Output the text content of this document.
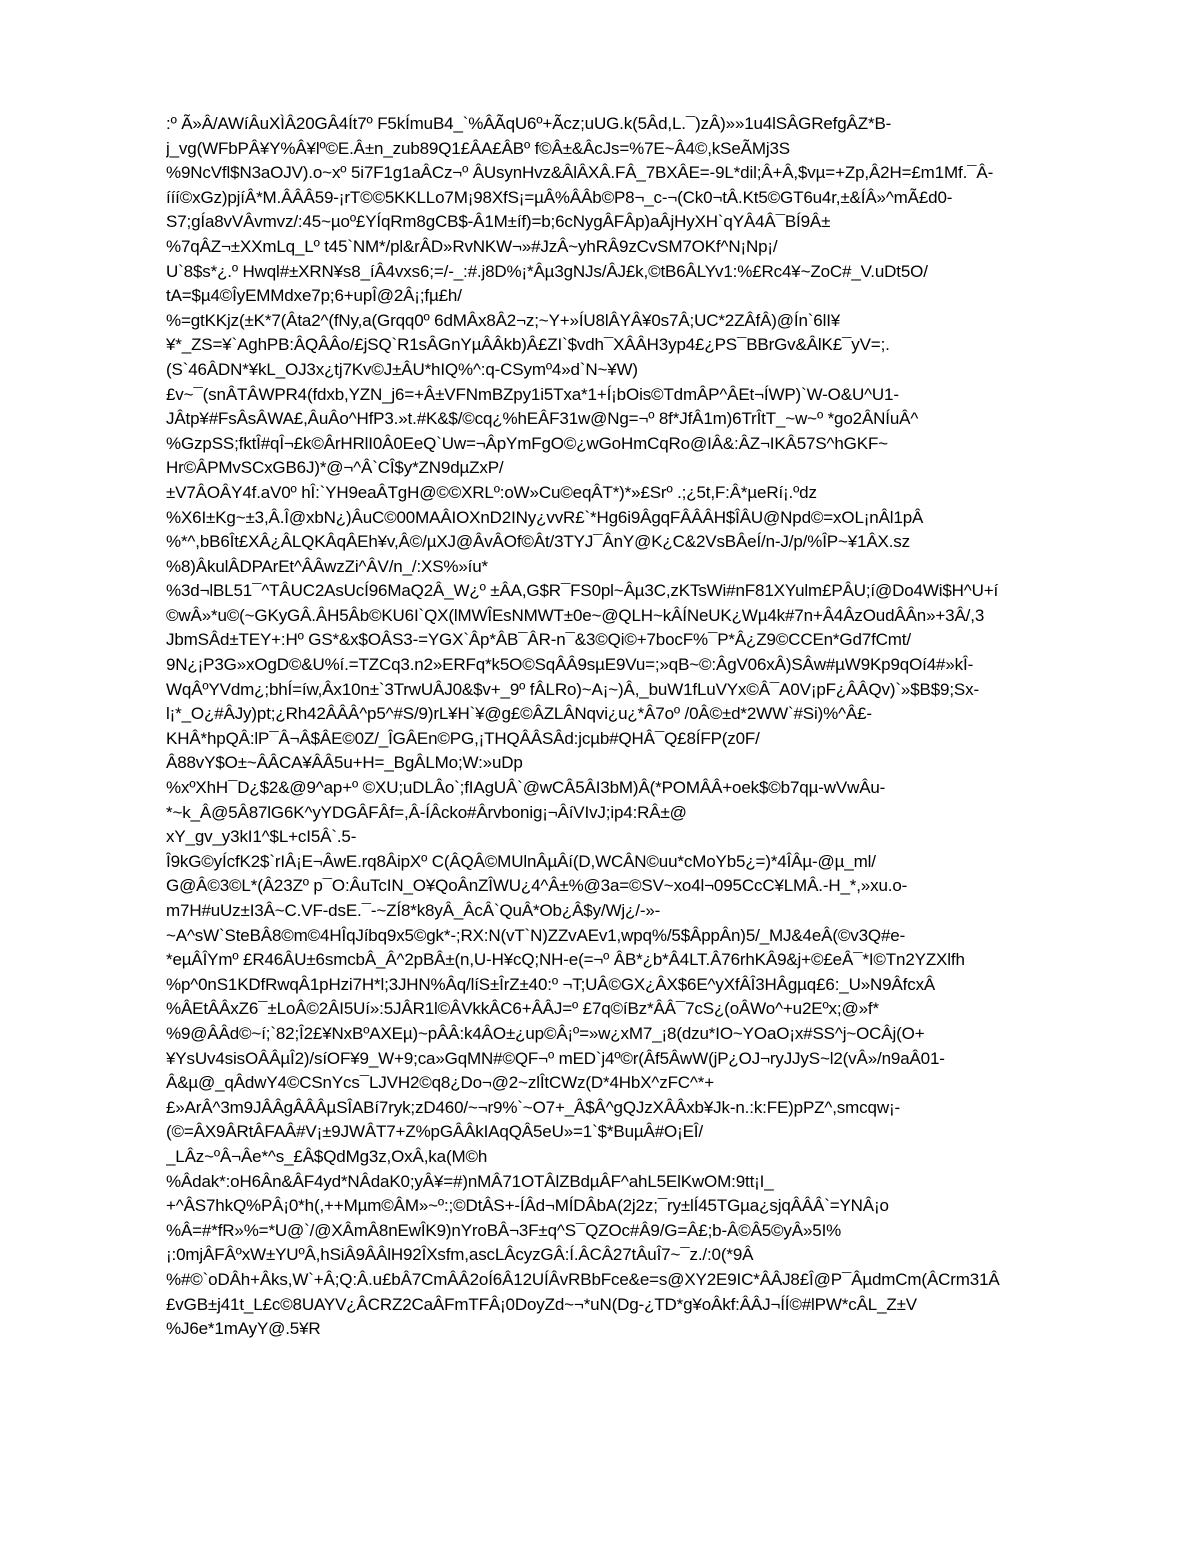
:º Ã»Â/AWíÂuXÌÂ20GÂ4Ít7º F5kÍmuB4_`%ÂÃqU6º+Ãcz;uUG.k(5Âd,L.¯)zÂ)»»1u4lSÂGRefgÂZ*B-
j_vg(WFbPÂ¥Y%Â¥lº©E.Â±n_zub89Q1£ÂA£ÂBº f©Â±&ÂcJs=%7E~Â4©,kSeÃMj3S
%9NcVfl$N3aOJV).o~xº 5i7F1g1aÂCz¬º ÂUsynHvz&ÂlÂXÂ.FÂ_7BXÂE=-9L*dil;Â+Â,$vµ=+Zp,Â2H=£m1Mf.¯Â-
ííí©xGz)pjíÂ*M.ÂÂÂ59-¡rT©©5KKLLo7M¡98XfS¡=µÂ%ÂÂb©P8¬_c-¬(Ck0¬tÂ.Kt5©GT6u4r,±&ÍÂ»^mÃ£d0-
S7;gÍa8vVÂvmvz/:45~µoº£YÍqRm8gCB$-Â1M±íf)=b;6cNygÂFÂp)aÂjHyXH`qYÂ4Â¯BÍ9Â±
%7qÂZ¬±XXmLq_Lº t45`NM*/pl&rÂD»RvNKW¬»#JzÂ~yhRÂ9zCvSM7OKf^N¡Np¡/
U`8$s*¿.º Hwql#±XRN¥s8_íÂ4vxs6;=/-_:#.j8D%¡*Âµ3gNJs/ÂJ£k,©tB6ÂLYv1:%£Rc4¥~ZoC#_V.uDt5O/
tA=$µ4©ÎyEMMdxe7p;6+upÎ@2Â¡;fµ£h/
%=gtKKjz(±K*7(Âta2^(fNy,a(Grqq0º 6dMÂx8Â2¬z;~Y+»ÍU8lÂYÂ¥0s7Â;UC*2ZÂfÂ)@Ín`6lI¥
¥*_ZS=¥`AghPB:ÂQÂÂo/£jSQ`R1sÂGnYµÂÂkb)Â£ZI`$vdh¯XÂÂH3yp4£¿PS¯BBrGv&ÂlK£¯yV=;.
(S`46ÂDN*¥kL_OJ3x¿tj7Kv©J±ÂU*hIQ%^:q-CSymº4»d`N~¥W)
£v~¯(snÂTÂWPR4(fdxb,YZN_j6=+Â±VFNmBZpy1i5Txa*1+Í¡bOis©TdmÂP^ÂEt¬ÍWP)`W-O&U^U1-
JÂtp¥#FsÂsÂWA£,ÂuÂo^HfP3.»t.#K&$/©cq¿%hEÂF31w@Ng=¬º 8f*JfÂ1m)6TrÎtT_~w~º *go2ÂNÍuÂ^
%GzpSS;fktÎ#qÎ¬£k©ÂrHRlI0Â0EeQ`Uw=¬ÂpYmFgO©¿wGoHmCqRo@IÂ&:ÂZ¬IKÂ57S^hGKF~
Hr©ÂPMvSCxGB6J)*@¬^Â`CÎ$y*ZN9dµZxP/
±V7ÂOÂY4f.aV0º hÎ:`YH9eaÂTgH@©©XRLº:oW»Cu©eqÂT*)*»£Srº .;¿5t,F:Â*µeRí¡.ºdz
%X6I±Kg~±3,Â.Î@xbN¿)ÂuC©00MAÂIOXnD2INy¿vvR£`*Hg6i9ÂgqFÂÂÂH$ÎÂU@Npd©=xOL¡nÂl1pÂ
%*^,bB6Ît£XÂ¿ÂLQKÂqÂEh¥v,Â©/µXJ@ÂvÂOf©Ât/3TYJ¯ÂnY@K¿C&2VsBÂeÍ/n-J/p/%ÎP~¥1ÂX.sz
%8)ÂkulÂDPArEt^ÂÂwzZi^ÂV/n_/:XS%»íu*
%3d¬lBL51¯^TÂUC2AsUcÍ96MaQ2Â_W¿º ±ÂA,G$R¯FS0pl~Âµ3C,zKTsWi#nF81XYulm£PÂU;í@Do4Wi$H^U+í
©wÂ»*u©(~GKyGÂ.ÂH5Âb©KU6I`QX(lMWÎEsNMWT±0e~@QLH~kÂÍNeUK¿Wµ4k#7n+Â4ÂzOudÂÂn»+3Â/,3
JbmSÂd±TEY+:Hº GS*&x$OÂS3-=YGX`Âp*ÂB¯ÂR-n¯&3©Qi©+7bocF%¯P*Â¿Z9©CCEn*Gd7fCmt/
9N¿¡P3G»xOgD©&U%í.=TZCq3.n2»ERFq*k5O©SqÂÂ9sµE9Vu=;»qB~©:ÂgV06xÂ)SÂw#µW9Kp9qOí4#»kÎ-
WqÂºYVdm¿;bhÍ=íw,Âx10n±`3TrwUÂJ0&$v+_9º fÂLRo)~A¡~)Â,_buW1fLuVYx©Â¯A0V¡pF¿ÂÂQv)`»$B$9;Sx-
l¡*_O¿#ÂJy)pt;¿Rh42ÂÂÂ^p5^#S/9)rL¥H`¥@g£©ÂZLÂNqvi¿u¿*Â7oº /0Â©±d*2WW`#Si)%^Â£-
KHÂ*hpQÂ:lP¯Â¬Â$ÂE©0Z/_ÎGÂEn©PG,¡THQÂÂSÂd:jcµb#QHÂ¯Q£8ÍFP(z0F/
Â88vY$O±~ÂÂCA¥ÂÂ5u+H=_BgÂLMo;W:»uDp
%xºXhH¯D¿$2&@9^ap+º ©XU;uDLÂo`;fIAgUÂ`@wCÂ5ÂI3bM)Â(*POMÂÂ+oek$©b7qµ-wVwÂu-
*~k_Â@5Â87lG6K^yYDGÂFÂf=,Â-ÍÂcko#Ârvbonig¡¬ÂíVIvJ;ip4:RÂ±@
xY_gv_y3kI1^$L+cI5Â`.5-
Î9kG©yÍcfK2$`rIÂ¡E¬ÂwE.rq8ÂipXº C(ÂQÂ©MUlnÂµÂí(D,WCÂN©uu*cMoYb5¿=)*4ÎÂµ-@µ_ml/
G@Â©3©L*(Â23Zº p¯O:ÂuTcIN_O¥QoÂnZÎWU¿4^Â±%@3a=©SV~xo4l¬095CcC¥LMÂ.-H_*,»xu.o-
m7H#uUz±I3Â~C.VF-dsE.¯-~ZÍ8*k8yÂ_ÂcÂ`QuÂ*Ob¿Â$y/Wj¿/-»-
~A^sW`SteBÂ8©m©4HÎqJíbq9x5©gk*-;RX:N(vT`N)ZZvAEv1,wpq%/5$ÂppÂn)5/_MJ&4eÂ(©v3Q#e-
*eµÂÎYmº £R46ÂU±6smcbÂ_Â^2pBÂ±(n,U-H¥cQ;NH-e(=¬º ÂB*¿b*Â4LT.Â76rhKÂ9&j+©£eÂ¯*I©Tn2YZXlfh
%p^0nS1KDfRwqÂ1pHzi7H*l;3JHN%Âq/líS±ÎrZ±40:º ¬T;UÂ©GX¿ÂX$6E^yXfÂÎ3HÂgµq£6:_U»N9ÂfcxÂ
%ÂEtÂÂxZ6¯±LoÂ©2ÂI5Uí»:5JÂR1l©ÂVkkÂC6+ÂÂJ=º £7q©íBz*ÂÂ¯7cS¿(oÂWo^+u2Eºx;@»f*
%9@ÂÂd©~í;`82;Î2£¥NxBºAXEµ)~pÂÂ:k4ÂO±¿up©Â¡º=»w¿xM7_¡8(dzu*IO~YOaO¡x#SS^j~OCÂj(O+
¥YsUv4sisOÂÂµÎ2)/síOF¥9_W+9;ca»GqMN#©QF¬º mED`j4º©r(Âf5ÂwW(jP¿OJ¬ryJJyS~l2(vÂ»/n9aÂ01-
Â&µ@_qÂdwY4©CSnYcs¯LJVH2©q8¿Do¬@2~zlÎtCWz(D*4HbX^zFC^*+
£»ArÂ^3m9JÂÂgÂÂÂµSÎABí7ryk;zD460/~¬r9%`~O7+_Â$Â^gQJzXÂÂxb¥Jk-n.:k:FE)pPZ^,smcqw¡-
(©=ÂX9ÂRtÂFAÂ#V¡±9JWÂT7+Z%pGÂÂkIAqQÂ5eU»=1`$*BuµÂ#O¡EÎ/
_LÂz~ºÂ¬Âe*^s_£Â$QdMg3z,OxÂ,ka(M©h
%Âdak*:oH6Ân&ÂF4yd*NÂdaK0;yÂ¥=#)nMÂ71OTÂlZBdµÂF^ahL5ElKwOM:9tt¡I_
+^ÂS7hkQ%PÂ¡0*h(,++Mµm©ÂM»~º:;©DtÂS+-ÍÂd¬MÍDÂbA(2j2z;¯ry±lÍ45TGµa¿sjqÂÂÂ`=YNÂ¡o
%Â=#*fR»%=*U@`/@XÂmÂ8nEwÎK9)nYroBÂ¬3F±q^S¯QZOc#Â9/G=Â£;b-Â©Â5©yÂ»5I%
¡:0mjÂFÂºxW±YUºÂ,hSiÂ9ÂÂlH92ÎXsfm,ascLÂcyzGÂ:Í.ÂCÂ27tÂuÎ7~¯z./:0(*9Â
%#©`oDÂh+Âks,W`+Â;Q:Â.u£bÂ7CmÂÂ2oÍ6Â12UÍÂvRBbFce&e=s@XY2E9IC*ÂÂJ8£Î@P¯ÂµdmCm(ÂCrm31Â
£vGB±j41t_L£c©8UAYV¿ÂCRZ2CaÂFmTFÂ¡0DoyZd~¬*uN(Dg-¿TD*g¥oÂkf:ÂÂJ¬ÍÍ©#lPW*cÂL_Z±V
%J6e*1mAyY@.5¥R
